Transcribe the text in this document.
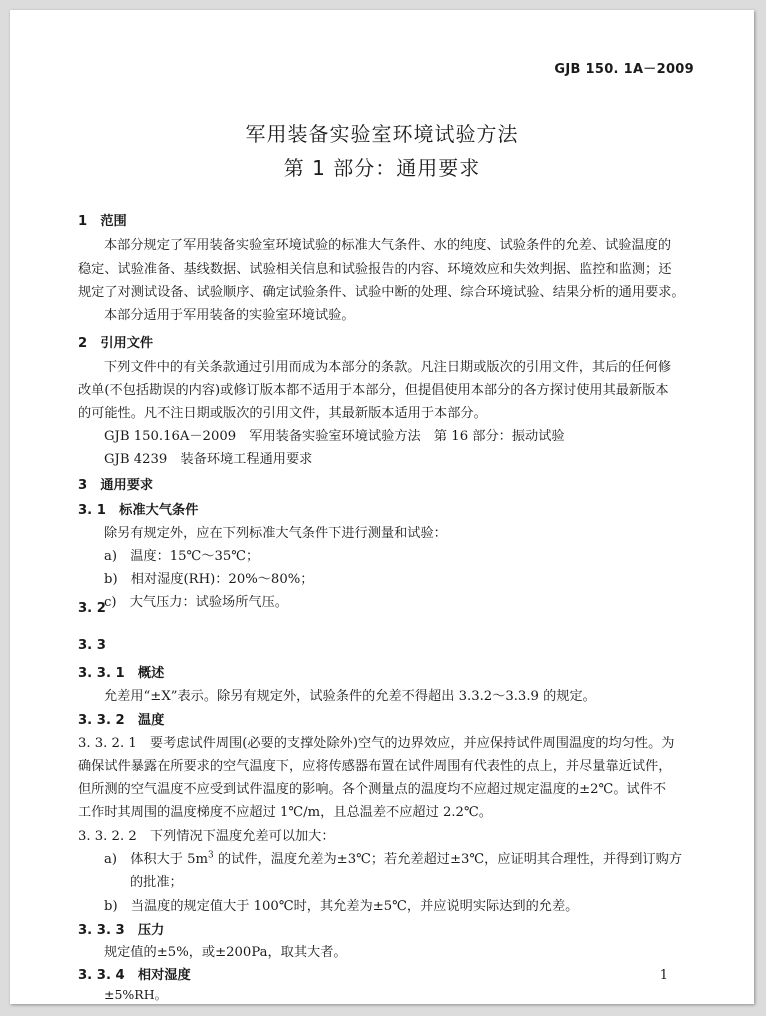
GJB 150. 1A－2009
军用装备实验室环境试验方法
第 1 部分：通用要求
1　范围
本部分规定了军用装备实验室环境试验的标准大气条件、水的纯度、试验条件的允差、试验温度的
稳定、试验准备、基线数据、试验相关信息和试验报告的内容、环境效应和失效判据、监控和监测；还
规定了对测试设备、试验顺序、确定试验条件、试验中断的处理、综合环境试验、结果分析的通用要求。
本部分适用于军用装备的实验室环境试验。
2　引用文件
下列文件中的有关条款通过引用而成为本部分的条款。凡注日期或版次的引用文件，其后的任何修
改单(不包括勘误的内容)或修订版本都不适用于本部分，但提倡使用本部分的各方探讨使用其最新版本
的可能性。凡不注日期或版次的引用文件，其最新版本适用于本部分。
GJB 150.16A－2009　军用装备实验室环境试验方法　第 16 部分：振动试验
GJB 4239　装备环境工程通用要求
3　通用要求
3. 1　标准大气条件
除另有规定外，应在下列标准大气条件下进行测量和试验：
a)　温度：15℃～35℃；
b)　相对湿度(RH)：20%～80%；
c)　大气压力：试验场所气压。
3. 2
3. 3
3. 3. 1　概述
允差用“±X”表示。除另有规定外，试验条件的允差不得超出 3.3.2～3.3.9 的规定。
3. 3. 2　温度
3. 3. 2. 1　要考虑试件周围(必要的支撑处除外)空气的边界效应，并应保持试件周围温度的均匀性。为
确保试件暴露在所要求的空气温度下，应将传感器布置在试件周围有代表性的点上，并尽量靠近试件，
但所测的空气温度不应受到试件温度的影响。各个测量点的温度均不应超过规定温度的±2℃。试件不
工作时其周围的温度梯度不应超过 1℃/m，且总温差不应超过 2.2℃。
3. 3. 2. 2　下列情况下温度允差可以加大：
a)　体积大于 $5m^3$ 的试件，温度允差为±3℃；若允差超过±3℃，应证明其合理性，并得到订购方
的批准；
b)　当温度的规定值大于 100℃时，其允差为±5℃，并应说明实际达到的允差。
3. 3. 3　压力
规定值的±5%，或±200Pa，取其大者。
3. 3. 4　相对湿度
±5%RH。
1
